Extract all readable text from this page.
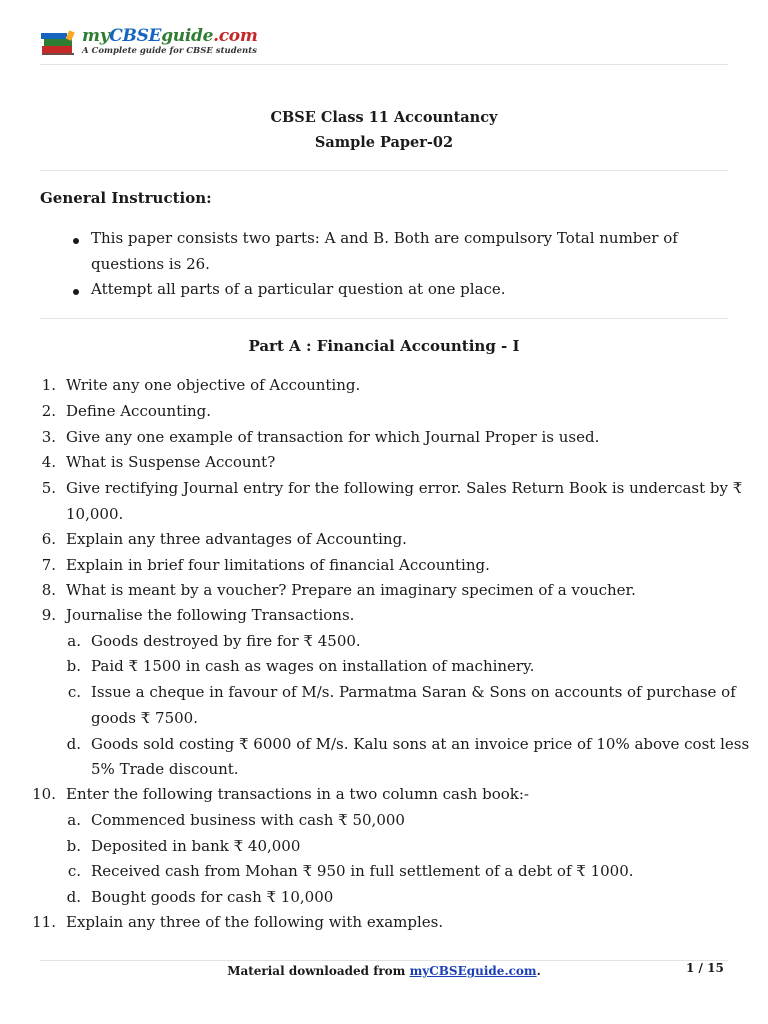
myCBSEguide.com
A Complete guide for CBSE students
CBSE Class 11 Accountancy
Sample Paper-02
General Instruction:
This paper consists two parts: A and B. Both are compulsory Total number of
questions is 26.
Attempt all parts of a particular question at one place.
Part A : Financial Accounting - I
1. Write any one objective of Accounting.
2. Define Accounting.
3. Give any one example of transaction for which Journal Proper is used.
4. What is Suspense Account?
5. Give rectifying Journal entry for the following error. Sales Return Book is undercast by ₹
10,000.
6. Explain any three advantages of Accounting.
7. Explain in brief four limitations of financial Accounting.
8. What is meant by a voucher? Prepare an imaginary specimen of a voucher.
9. Journalise the following Transactions.
a. Goods destroyed by fire for ₹ 4500.
b. Paid ₹ 1500 in cash as wages on installation of machinery.
c. Issue a cheque in favour of M/s. Parmatma Saran & Sons on accounts of purchase of
goods ₹ 7500.
d. Goods sold costing ₹ 6000 of M/s. Kalu sons at an invoice price of 10% above cost less
5% Trade discount.
10. Enter the following transactions in a two column cash book:-
a. Commenced business with cash ₹ 50,000
b. Deposited in bank ₹ 40,000
c. Received cash from Mohan ₹ 950 in full settlement of a debt of ₹ 1000.
d. Bought goods for cash ₹ 10,000
11. Explain any three of the following with examples.
Material downloaded from myCBSEguide.com.	1 / 15
